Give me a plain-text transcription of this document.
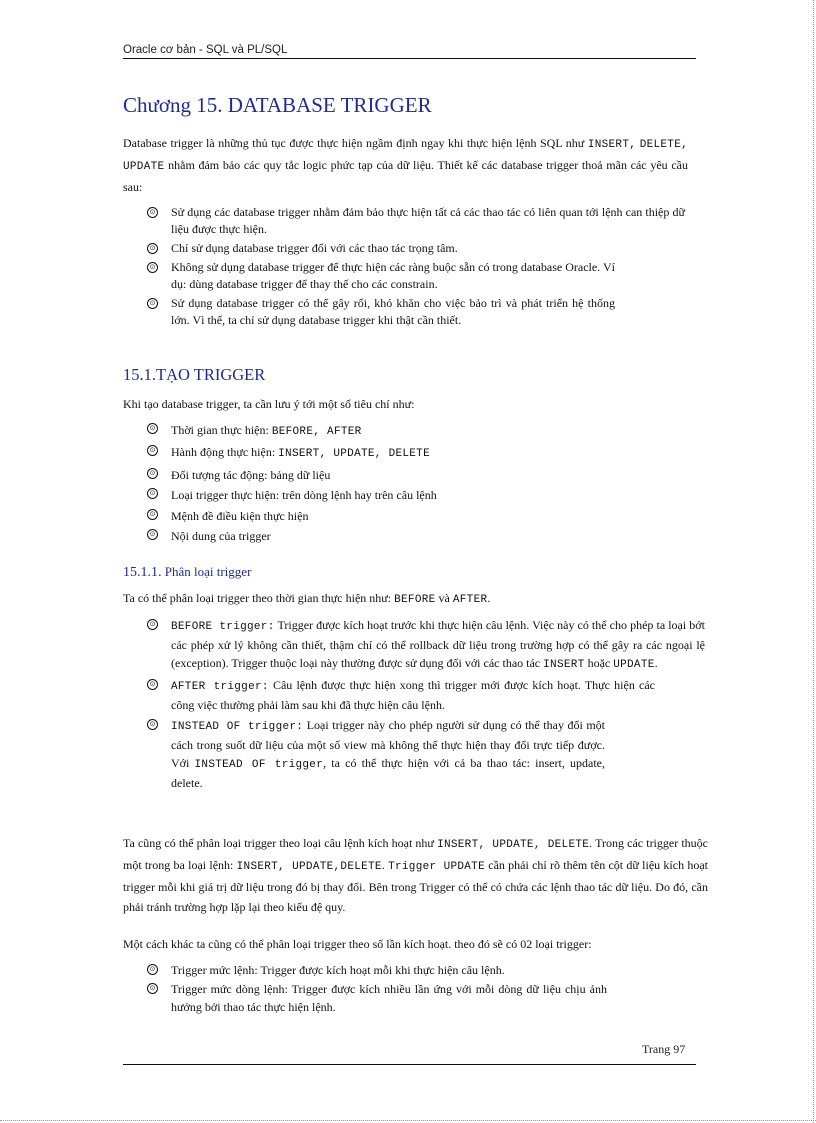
Oracle cơ bản - SQL và PL/SQL
Chương 15. DATABASE TRIGGER
Database trigger là những thủ tục được thực hiện ngầm định ngay khi thực hiện lệnh SQL như INSERT, DELETE, UPDATE nhằm đảm bảo các quy tắc logic phức tạp của dữ liệu. Thiết kế các database trigger thoả mãn các yêu cầu sau:
⊙ Sử dụng các database trigger nhằm đảm bảo thực hiện tất cả các thao tác có liên quan tới lệnh can thiệp dữ liệu được thực hiện.
⊙ Chỉ sử dụng database trigger đối với các thao tác trọng tâm.
⊙ Không sử dụng database trigger để thực hiện các ràng buộc sẵn có trong database Oracle. Ví dụ: dùng database trigger để thay thế cho các constrain.
⊙ Sử dụng database trigger có thể gây rối, khó khăn cho việc bảo trì và phát triển hệ thống lớn. Vì thế, ta chỉ sử dụng database trigger khi thật cần thiết.
15.1.TẠO TRIGGER
Khi tạo database trigger, ta cần lưu ý tới một số tiêu chí như:
⊙ Thời gian thực hiện: BEFORE, AFTER
⊙ Hành động thực hiện: INSERT, UPDATE, DELETE
⊙ Đối tượng tác động: bảng dữ liệu
⊙ Loại trigger thực hiện: trên dòng lệnh hay trên câu lệnh
⊙ Mệnh đề điều kiện thực hiện
⊙ Nội dung của trigger
15.1.1. Phân loại trigger
Ta có thể phân loại trigger theo thời gian thực hiện như: BEFORE và AFTER.
⊙ BEFORE trigger: Trigger được kích hoạt trước khi thực hiện câu lệnh. Việc này có thể cho phép ta loại bớt các phép xử lý không cần thiết, thậm chí có thể rollback dữ liệu trong trường hợp có thể gây ra các ngoại lệ (exception). Trigger thuộc loại này thường được sử dụng đối với các thao tác INSERT hoặc UPDATE.
⊙ AFTER trigger: Câu lệnh được thực hiện xong thì trigger mới được kích hoạt. Thực hiện các công việc thường phải làm sau khi đã thực hiện câu lệnh.
⊙ INSTEAD OF trigger: Loại trigger này cho phép người sử dụng có thể thay đổi một cách trong suốt dữ liệu của một số view mà không thể thực hiện thay đổi trực tiếp được. Với INSTEAD OF trigger, ta có thể thực hiện với cả ba thao tác: insert, update, delete.
Ta cũng có thể phân loại trigger theo loại câu lệnh kích hoạt như INSERT, UPDATE, DELETE. Trong các trigger thuộc một trong ba loại lệnh: INSERT, UPDATE,DELETE. Trigger UPDATE cần phải chỉ rõ thêm tên cột dữ liệu kích hoạt trigger mỗi khi giá trị dữ liệu trong đó bị thay đổi. Bên trong Trigger có thể có chứa các lệnh thao tác dữ liệu. Do đó, cần phải tránh trường hợp lặp lại theo kiểu đệ quy.
Một cách khác ta cũng có thể phân loại trigger theo số lần kích hoạt. theo đó sẽ có 02 loại trigger:
⊙ Trigger mức lệnh: Trigger được kích hoạt mỗi khi thực hiện câu lệnh.
⊙ Trigger mức dòng lệnh: Trigger được kích nhiều lần ứng với mỗi dòng dữ liệu chịu ảnh hưởng bởi thao tác thực hiện lệnh.
Trang 97
